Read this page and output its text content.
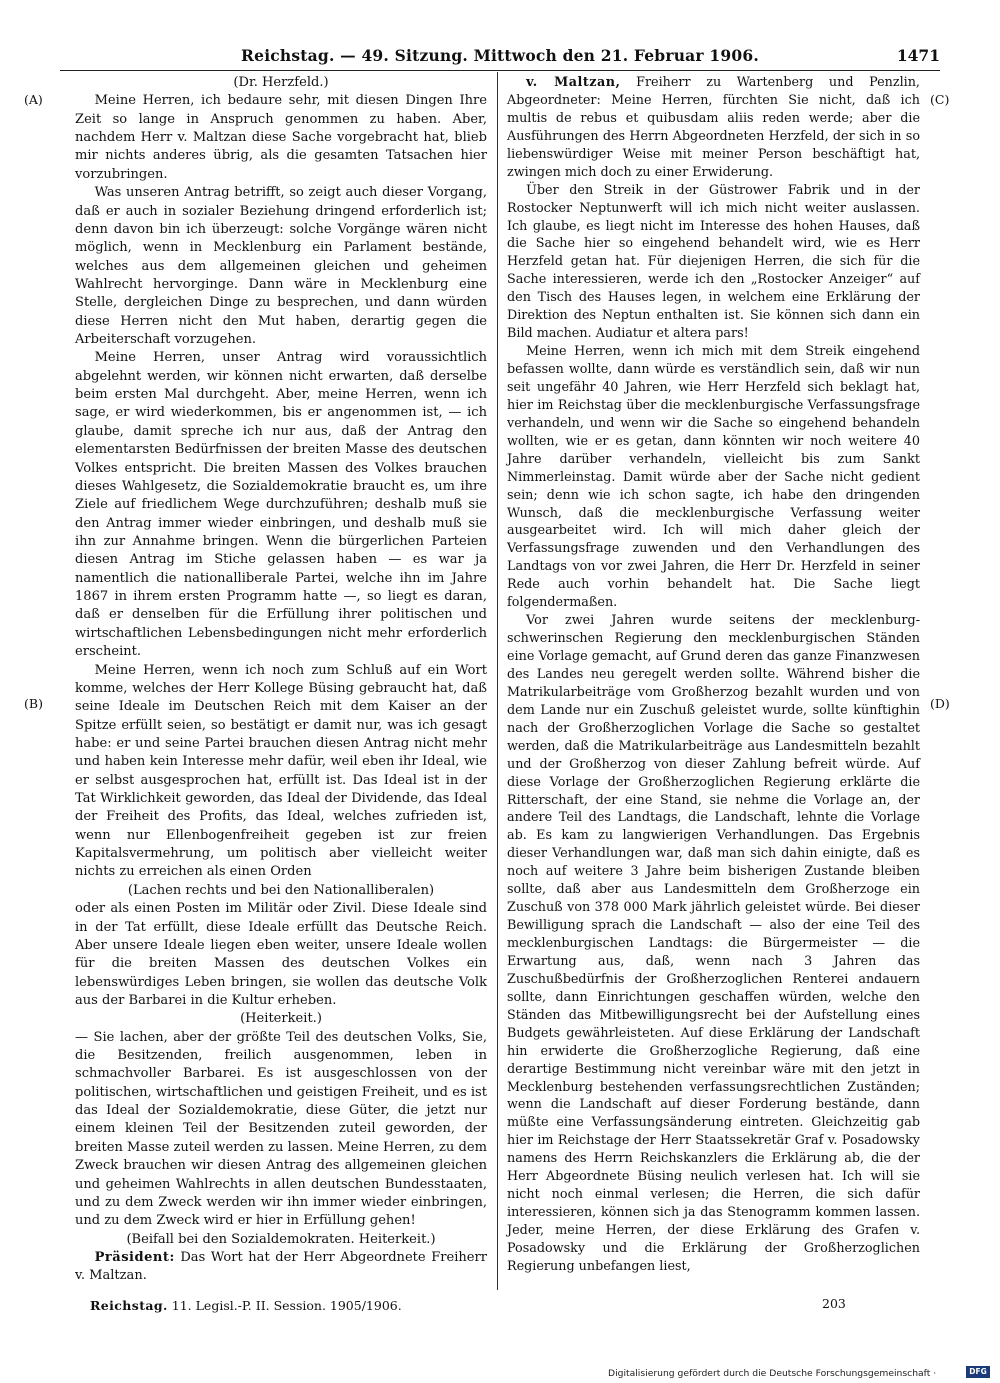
Reichstag. — 49. Sitzung. Mittwoch den 21. Februar 1906.	1471
(A)
(B)
(C)
(D)

(Dr. Herzfeld.)

Meine Herren, ich bedaure sehr, mit diesen Dingen Ihre Zeit so lange in Anspruch genommen zu haben. Aber, nachdem Herr v. Maltzan diese Sache vorgebracht hat, blieb mir nichts anderes übrig, als die gesamten Tatsachen hier vorzubringen.

Was unseren Antrag betrifft, so zeigt auch dieser Vorgang, daß er auch in sozialer Beziehung dringend erforderlich ist; denn davon bin ich überzeugt: solche Vorgänge wären nicht möglich, wenn in Mecklenburg ein Parlament bestände, welches aus dem allgemeinen gleichen und geheimen Wahlrecht hervorginge. Dann wäre in Mecklenburg eine Stelle, dergleichen Dinge zu besprechen, und dann würden diese Herren nicht den Mut haben, derartig gegen die Arbeiterschaft vorzugehen.

Meine Herren, unser Antrag wird voraussichtlich abgelehnt werden, wir können nicht erwarten, daß derselbe beim ersten Mal durchgeht. Aber, meine Herren, wenn ich sage, er wird wiederkommen, bis er angenommen ist, — ich glaube, damit spreche ich nur aus, daß der Antrag den elementarsten Bedürfnissen der breiten Masse des deutschen Volkes entspricht. Die breiten Massen des Volkes brauchen dieses Wahlgesetz, die Sozialdemokratie braucht es, um ihre Ziele auf friedlichem Wege durchzuführen; deshalb muß sie den Antrag immer wieder einbringen, und deshalb muß sie ihn zur Annahme bringen. Wenn die bürgerlichen Parteien diesen Antrag im Stiche gelassen haben — es war ja namentlich die nationalliberale Partei, welche ihn im Jahre 1867 in ihrem ersten Programm hatte —, so liegt es daran, daß er denselben für die Erfüllung ihrer politischen und wirtschaftlichen Lebensbedingungen nicht mehr erforderlich erscheint.

Meine Herren, wenn ich noch zum Schluß auf ein Wort komme, welches der Herr Kollege Büsing gebraucht hat, daß seine Ideale im Deutschen Reich mit dem Kaiser an der Spitze erfüllt seien, so bestätigt er damit nur, was ich gesagt habe: er und seine Partei brauchen diesen Antrag nicht mehr und haben kein Interesse mehr dafür, weil eben ihr Ideal, wie er selbst ausgesprochen hat, erfüllt ist. Das Ideal ist in der Tat Wirklichkeit geworden, das Ideal der Dividende, das Ideal der Freiheit des Profits, das Ideal, welches zufrieden ist, wenn nur Ellenbogenfreiheit gegeben ist zur freien Kapitalsvermehrung, um politisch aber vielleicht weiter nichts zu erreichen als einen Orden

(Lachen rechts und bei den Nationalliberalen)

oder als einen Posten im Militär oder Zivil. Diese Ideale sind in der Tat erfüllt, diese Ideale erfüllt das Deutsche Reich. Aber unsere Ideale liegen eben weiter, unsere Ideale wollen für die breiten Massen des deutschen Volkes ein lebenswürdiges Leben bringen, sie wollen das deutsche Volk aus der Barbarei in die Kultur erheben.

(Heiterkeit.)

— Sie lachen, aber der größte Teil des deutschen Volks, Sie, die Besitzenden, freilich ausgenommen, leben in schmachvoller Barbarei. Es ist ausgeschlossen von der politischen, wirtschaftlichen und geistigen Freiheit, und es ist das Ideal der Sozialdemokratie, diese Güter, die jetzt nur einem kleinen Teil der Besitzenden zuteil geworden, der breiten Masse zuteil werden zu lassen. Meine Herren, zu dem Zweck brauchen wir diesen Antrag des allgemeinen gleichen und geheimen Wahlrechts in allen deutschen Bundesstaaten, und zu dem Zweck werden wir ihn immer wieder einbringen, und zu dem Zweck wird er hier in Erfüllung gehen!

(Beifall bei den Sozialdemokraten. Heiterkeit.)

Präsident: Das Wort hat der Herr Abgeordnete Freiherr v. Maltzan.

v. Maltzan, Freiherr zu Wartenberg und Penzlin, Abgeordneter: Meine Herren, fürchten Sie nicht, daß ich multis de rebus et quibusdam aliis reden werde; aber die Ausführungen des Herrn Abgeordneten Herzfeld, der sich in so liebenswürdiger Weise mit meiner Person beschäftigt hat, zwingen mich doch zu einer Erwiderung.

Über den Streik in der Güstrower Fabrik und in der Rostocker Neptunwerft will ich mich nicht weiter auslassen. Ich glaube, es liegt nicht im Interesse des hohen Hauses, daß die Sache hier so eingehend behandelt wird, wie es Herr Herzfeld getan hat. Für diejenigen Herren, die sich für die Sache interessieren, werde ich den „Rostocker Anzeiger“ auf den Tisch des Hauses legen, in welchem eine Erklärung der Direktion des Neptun enthalten ist. Sie können sich dann ein Bild machen. Audiatur et altera pars!

Meine Herren, wenn ich mich mit dem Streik eingehend befassen wollte, dann würde es verständlich sein, daß wir nun seit ungefähr 40 Jahren, wie Herr Herzfeld sich beklagt hat, hier im Reichstag über die mecklenburgische Verfassungsfrage verhandeln, und wenn wir die Sache so eingehend behandeln wollten, wie er es getan, dann könnten wir noch weitere 40 Jahre darüber verhandeln, vielleicht bis zum Sankt Nimmerleinstag. Damit würde aber der Sache nicht gedient sein; denn wie ich schon sagte, ich habe den dringenden Wunsch, daß die mecklenburgische Verfassung weiter ausgearbeitet wird. Ich will mich daher gleich der Verfassungsfrage zuwenden und den Verhandlungen des Landtags von vor zwei Jahren, die Herr Dr. Herzfeld in seiner Rede auch vorhin behandelt hat. Die Sache liegt folgendermaßen.

Vor zwei Jahren wurde seitens der mecklenburg-schwerinschen Regierung den mecklenburgischen Ständen eine Vorlage gemacht, auf Grund deren das ganze Finanzwesen des Landes neu geregelt werden sollte. Während bisher die Matrikularbeiträge vom Großherzog bezahlt wurden und von dem Lande nur ein Zuschuß geleistet wurde, sollte künftighin nach der Großherzoglichen Vorlage die Sache so gestaltet werden, daß die Matrikularbeiträge aus Landesmitteln bezahlt und der Großherzog von dieser Zahlung befreit würde. Auf diese Vorlage der Großherzoglichen Regierung erklärte die Ritterschaft, der eine Stand, sie nehme die Vorlage an, der andere Teil des Landtags, die Landschaft, lehnte die Vorlage ab. Es kam zu langwierigen Verhandlungen. Das Ergebnis dieser Verhandlungen war, daß man sich dahin einigte, daß es noch auf weitere 3 Jahre beim bisherigen Zustande bleiben sollte, daß aber aus Landesmitteln dem Großherzoge ein Zuschuß von 378 000 Mark jährlich geleistet würde. Bei dieser Bewilligung sprach die Landschaft — also der eine Teil des mecklenburgischen Landtags: die Bürgermeister — die Erwartung aus, daß, wenn nach 3 Jahren das Zuschußbedürfnis der Großherzoglichen Renterei andauern sollte, dann Einrichtungen geschaffen würden, welche den Ständen das Mitbewilligungsrecht bei der Aufstellung eines Budgets gewährleisteten. Auf diese Erklärung der Landschaft hin erwiderte die Großherzogliche Regierung, daß eine derartige Bestimmung nicht vereinbar wäre mit den jetzt in Mecklenburg bestehenden verfassungsrechtlichen Zuständen; wenn die Landschaft auf dieser Forderung bestände, dann müßte eine Verfassungsänderung eintreten. Gleichzeitig gab hier im Reichstage der Herr Staatssekretär Graf v. Posadowsky namens des Herrn Reichskanzlers die Erklärung ab, die der Herr Abgeordnete Büsing neulich verlesen hat. Ich will sie nicht noch einmal verlesen; die Herren, die sich dafür interessieren, können sich ja das Stenogramm kommen lassen. Jeder, meine Herren, der diese Erklärung des Grafen v. Posadowsky und die Erklärung der Großherzoglichen Regierung unbefangen liest,

Reichstag. 11. Legisl.-P. II. Session. 1905/1906.	203
Digitalisierung gefördert durch die Deutsche Forschungsgemeinschaft ·	DFG
